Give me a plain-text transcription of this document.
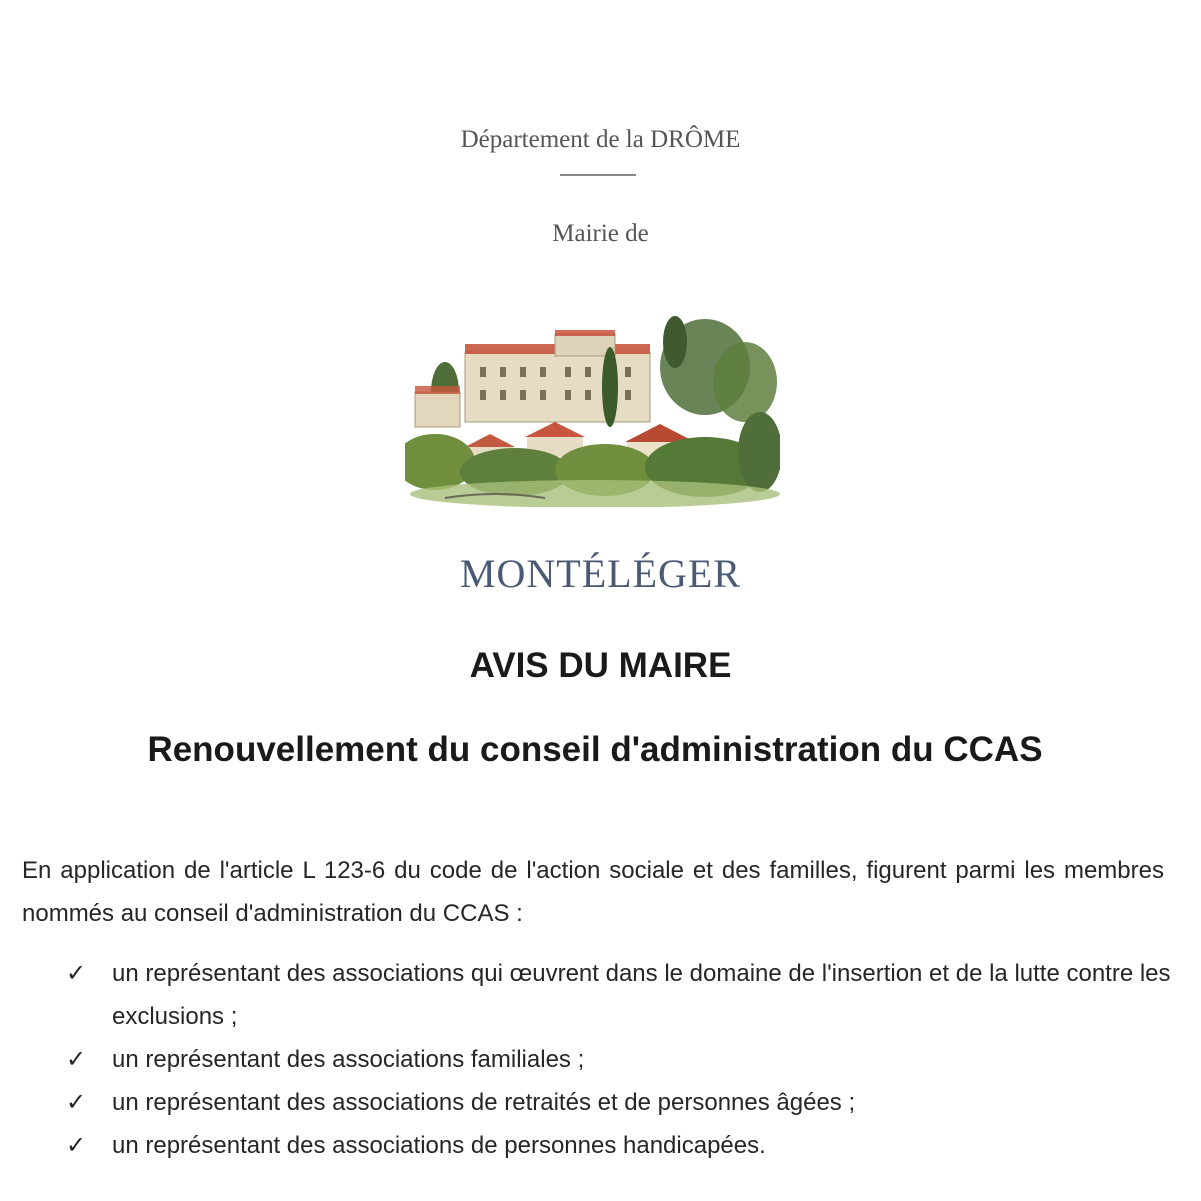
Département de la DRÔME
Mairie de
MONTÉLÉGER
AVIS DU MAIRE
Renouvellement du conseil d'administration du CCAS
En application de l'article L 123-6 du code de l'action sociale et des familles, figurent parmi les membres nommés au conseil d'administration du CCAS :
✓	un représentant des associations qui œuvrent dans le domaine de l'insertion et de la lutte contre les exclusions ;
✓	un représentant des associations familiales ;
✓	un représentant des associations de retraités et de personnes âgées ;
✓	un représentant des associations de personnes handicapées.
